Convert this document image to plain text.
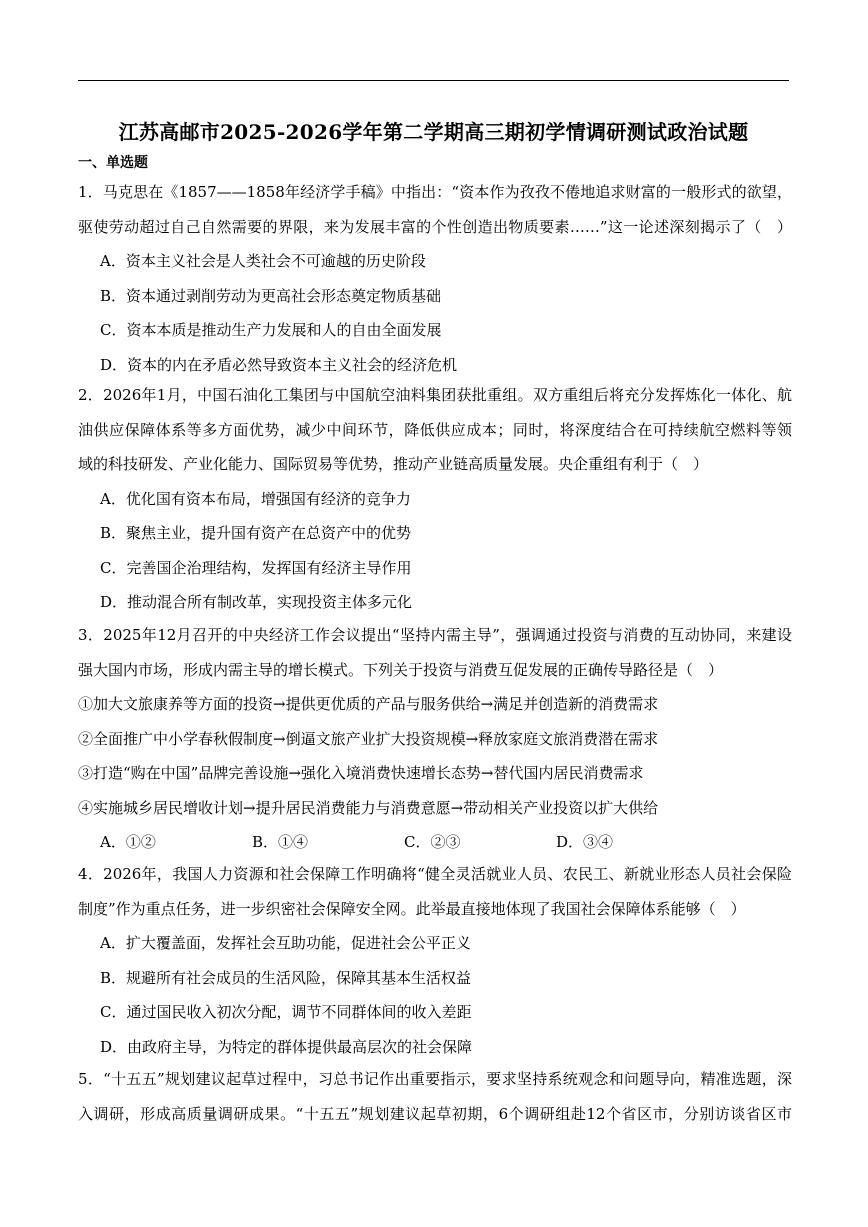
江苏高邮市2025-2026学年第二学期高三期初学情调研测试政治试题
一、单选题

1．马克思在《1857——1858年经济学手稿》中指出：“资本作为孜孜不倦地追求财富的一般形式的欲望，

驱使劳动超过自己自然需要的界限，来为发展丰富的个性创造出物质要素……”这一论述深刻揭示了（　）

A．资本主义社会是人类社会不可逾越的历史阶段

B．资本通过剥削劳动为更高社会形态奠定物质基础

C．资本本质是推动生产力发展和人的自由全面发展

D．资本的内在矛盾必然导致资本主义社会的经济危机

2．2026年1月，中国石油化工集团与中国航空油料集团获批重组。双方重组后将充分发挥炼化一体化、航

油供应保障体系等多方面优势，减少中间环节，降低供应成本；同时，将深度结合在可持续航空燃料等领

域的科技研发、产业化能力、国际贸易等优势，推动产业链高质量发展。央企重组有利于（　）

A．优化国有资本布局，增强国有经济的竞争力

B．聚焦主业，提升国有资产在总资产中的优势

C．完善国企治理结构，发挥国有经济主导作用

D．推动混合所有制改革，实现投资主体多元化

3．2025年12月召开的中央经济工作会议提出“坚持内需主导”，强调通过投资与消费的互动协同，来建设

强大国内市场，形成内需主导的增长模式。下列关于投资与消费互促发展的正确传导路径是（　）

①加大文旅康养等方面的投资→提供更优质的产品与服务供给→满足并创造新的消费需求

②全面推广中小学春秋假制度→倒逼文旅产业扩大投资规模→释放家庭文旅消费潜在需求

③打造“购在中国”品牌完善设施→强化入境消费快速增长态势→替代国内居民消费需求

④实施城乡居民增收计划→提升居民消费能力与消费意愿→带动相关产业投资以扩大供给

A．①②	B．①④	C．②③	D．③④

4．2026年，我国人力资源和社会保障工作明确将“健全灵活就业人员、农民工、新就业形态人员社会保险

制度”作为重点任务，进一步织密社会保障安全网。此举最直接地体现了我国社会保障体系能够（　）

A．扩大覆盖面，发挥社会互助功能，促进社会公平正义

B．规避所有社会成员的生活风险，保障其基本生活权益

C．通过国民收入初次分配，调节不同群体间的收入差距

D．由政府主导，为特定的群体提供最高层次的社会保障

5．“十五五”规划建议起草过程中，习总书记作出重要指示，要求坚持系统观念和问题导向，精准选题，深

入调研，形成高质量调研成果。“十五五”规划建议起草初期，6个调研组赴12个省区市，分别访谈省区市
